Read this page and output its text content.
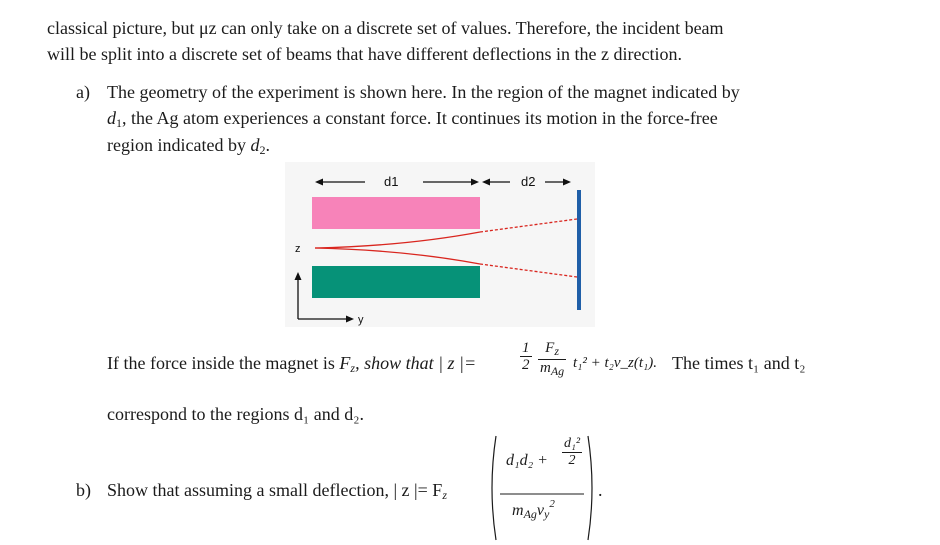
classical picture, but μz can only take on a discrete set of values. Therefore, the incident beam
will be split into a discrete set of beams that have different deflections in the z direction.
a) The geometry of the experiment is shown here. In the region of the magnet indicated by
$d_1$, the Ag atom experiences a constant force. It continues its motion in the force-free
region indicated by $d_2$.
d1	d2
z
y
If the force inside the magnet is $F_z$, show that | z |=	$\frac{1}{2} \frac{F_z}{m_{Ag}} t_1^2$ + t₂v_z(t₁). The times t₁ and t₂
correspond to the regions d₁ and d₂.
b) Show that assuming a small deflection, | z |= $F_z$
$d_1d_2 + \frac{\text{d₁²}}{2}$
$m_{Ag}v_y^2$
.
